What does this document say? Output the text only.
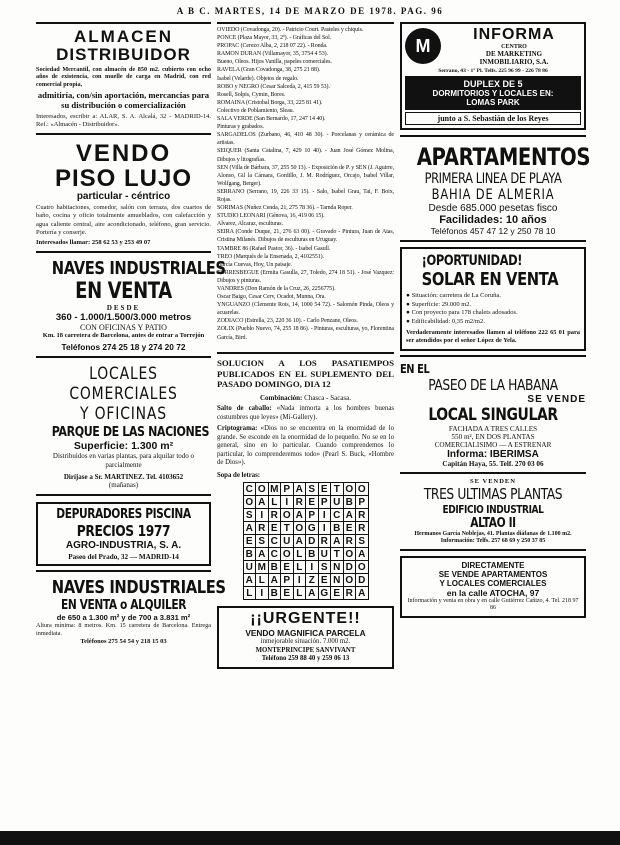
A B C. MARTES, 14 DE MARZO DE 1978. PAG. 96
ALMACEN
DISTRIBUIDOR
Sociedad Mercantil, con almacén de 850 m2. cubierto con ocho años de existencia, con muelle de carga en Madrid, con red comercial propia,
admitiría, con/sin aportación, mercancías para su distribución o comercialización
Interesados, escribir a: ALAR, S. A. Alcalá, 32 - MADRID-14. Ref.: «Almacén - Distribuidor».
VENDO
PISO LUJO
particular - céntrico
Cuatro habitaciones, comedor, salón con terraza, dos cuartos de baño, cocina y oficio totalmente amueblados, con calefacción y agua caliente central, aire acondicionado, teléfono, gran servicio. Portería y conserje.
Interesados llamar: 258 62 53 y 253 49 07
NAVES INDUSTRIALES
EN VENTA
DESDE
360 - 1.000/1.500/3.000 metros
CON OFICINAS Y PATIO
Km. 18 carretera de Barcelona, antes de entrar a Torrejón
Teléfonos 274 25 18 y 274 20 72
LOCALES
COMERCIALES
Y OFICINAS
PARQUE DE LAS NACIONES
Superficie: 1.300 m²
Distribuidos en varias plantas, para alquilar todo o parcialmente
Diríjase a Sr. MARTINEZ. Tel. 4103652
(mañanas)
DEPURADORES PISCINA
PRECIOS 1977
AGRO-INDUSTRIA, S. A.
Paseo del Prado, 32 — MADRID-14
NAVES INDUSTRIALES
EN VENTA o ALQUILER
de 650 a 1.300 m² y de 700 a 3.831 m²
Altura mínima: 8 metros. Km. 15 carretera de Barcelona. Entrega inmediata.
Teléfonos 275 54 54 y 218 15 03
OVIEDO (Covadonga, 20). - Patricio Court. Pasteles y chiquis.
PONCE (Plaza Mayor, 33, 2º). - Gráficas del Sol.
PROPAC (Cerezo Alba, 2, 218 07 22). - Ronda.
RAMON DURAN (Villamayor, 35, 3754 4 53).
Bueno, Oleos. Hijos Vanilla, papeles comerciales.
RAVELA (Gran Covadonga, 38, 275 21 88).
Isabel (Velarde). Objetos de regalo.
ROBO y NEGRO (Cesar Salceda, 2, 415 59 53).
Rosell, Solpis, Cymin, Bores.
ROMAINA (Cristobal Borga, 33, 225 81 41).
Colectivo de Poblamiento, Sleau.
SALA VERDE (San Bernardo, 17, 247 14 40).
Pinturas y grabados.
SARGADELOS (Zurbano, 46, 410 48 30). - Porcelanas y cerámica de artistas.
SEIQUER (Santa Catalina, 7, 429 10 40). - Juan José Gómez Molina, Dibujos y litografías.
SEN (Villa de Bárbara, 37, 255 50 13). - Exposición de P. y SEN (J. Aguirre, Alonso, Gil la Cámara, Gordillo, J. M. Rodríguez, Orcajo, Isabel Villar, Wolfgang, Berger).
SERRANO (Serrano, 19, 226 33 15). - Salo, Isabel Grau, Tai, F. Boix, Rojas.
SORIMAS (Nuñez Cenda, 21, 275 78 36). - Tarnda Roper.
STUDIO LEONARI (Génova, 16, 419 06 15).
Alvarez, Alcaraz, esculturas.
SEIRA (Conde Duque, 21, 276 63 00). - Gravado - Pintura, Juan de Atas, Cristina Milanés. Dibujos de esculturas en Uruguay.
TAMBRE 86 (Rafael Pastor, 36). - Isabel Gasull.
TREO (Marqués de la Ensenada, 2, 4102551).
García Cuevas, Hoy, Un paisaje.
TORRESBEGUE (Ermita Gasulla, 27, Toledo, 274 18 51). - José Vazquez: Dibujos y pinturas.
VANDRES (Don Ramón de la Cruz, 26, 2256775).
Oscar Baigo, Cesar Cerv, Ocadot, Munna, Ora.
YNGUANZO (Clemente Rois, 14, 1000 54 72). - Salomón Pinda, Oleos y acuarelas.
ZODIACO (Estrella, 23, 220 36 10). - Carlo Penzane, Oleos.
ZOLIX (Pueblo Nuevo, 74, 255 18 86). - Pinturas, esculturas, yo, Florentina García, Bird.
SOLUCION A LOS PASATIEMPOS PUBLICADOS EN EL SUPLEMENTO DEL PASADO DOMINGO, DIA 12
Combinación: Chasca - Sacasa.
Salto de caballo: «Nada inmorta a los hombres buenas costumbres que leyes» (Mi-Gallery).
Criptograma: «Dios no se encuentra en la enormidad de lo grande. Se esconde en la enormidad de lo pequeño. No se en lo general, sino en lo particular. Cuando comprendemos lo particular, lo comprenderemos todo» (Pearl S. Buck, «Hombre de Dios»).
Sopa de letras:
C	O	M	P	A	S	E	T	O	O
O	A	L	I	R	E	P	U	B	P
S	I	R	O	A	P	I	C	A	R
A	R	E	T	O	G	I	B	E	R
E	S	C	U	A	D	R	A	R	S
B	A	C	O	L	B	U	T	O	A
U	M	B	E	L	I	S	N	D	O
A	L	A	P	I	Z	E	N	O	D
L	I	B	E	L	A	G	E	R	A
¡¡URGENTE!!
VENDO MAGNIFICA PARCELA
inmejorable situación. 7.000 m2.
MONTEPRINCIPE SANVIVANT
Teléfono 259 88 40 y 259 06 13
M
INFORMA
CENTRO
DE MARKETING
INMOBILIARIO, S.A.
Serrano, 43 - 1º Pl. Telfs. 225 96 99 - 226 78 86
DUPLEX DE 5
DORMITORIOS Y LOCALES EN:
LOMAS PARK
junto a S. Sebastián de los Reyes
APARTAMENTOS
PRIMERA LINEA DE PLAYA
BAHIA DE ALMERIA
Desde 685.000 pesetas fisco
Facilidades: 10 años
Teléfonos 457 47 12 y 250 78 10
¡OPORTUNIDAD!
SOLAR EN VENTA
● Situación: carretera de La Coruña.
● Superficie: 29.000 m2.
● Con proyecto para 178 chalets adosados.
● Edificabilidad: 0,35 m2/m2.
Verdaderamente interesados llamen al teléfono 222 65 01 para ser atendidos por el señor López de Yela.
EN EL
PASEO DE LA HABANA
SE VENDE
LOCAL SINGULAR
FACHADA A TRES CALLES
550 m², EN DOS PLANTAS
COMERCIALISIMO — A ESTRENAR
Informa: IBERIMSA
Capitán Haya, 55. Telf. 270 03 06
SE VENDEN
TRES ULTIMAS PLANTAS
EDIFICIO INDUSTRIAL
ALTAO II
Hermanos García Noblejas, 41. Plantas diáfanas de 1.100 m2. Información: Telfs. 257 68 69 y 250 37 85
DIRECTAMENTE
SE VENDE APARTAMENTOS
Y LOCALES COMERCIALES
en la calle ATOCHA, 97
Información y venta en obra y en calle Gutiérrez Cañizo, 4. Tel. 218 97 86
